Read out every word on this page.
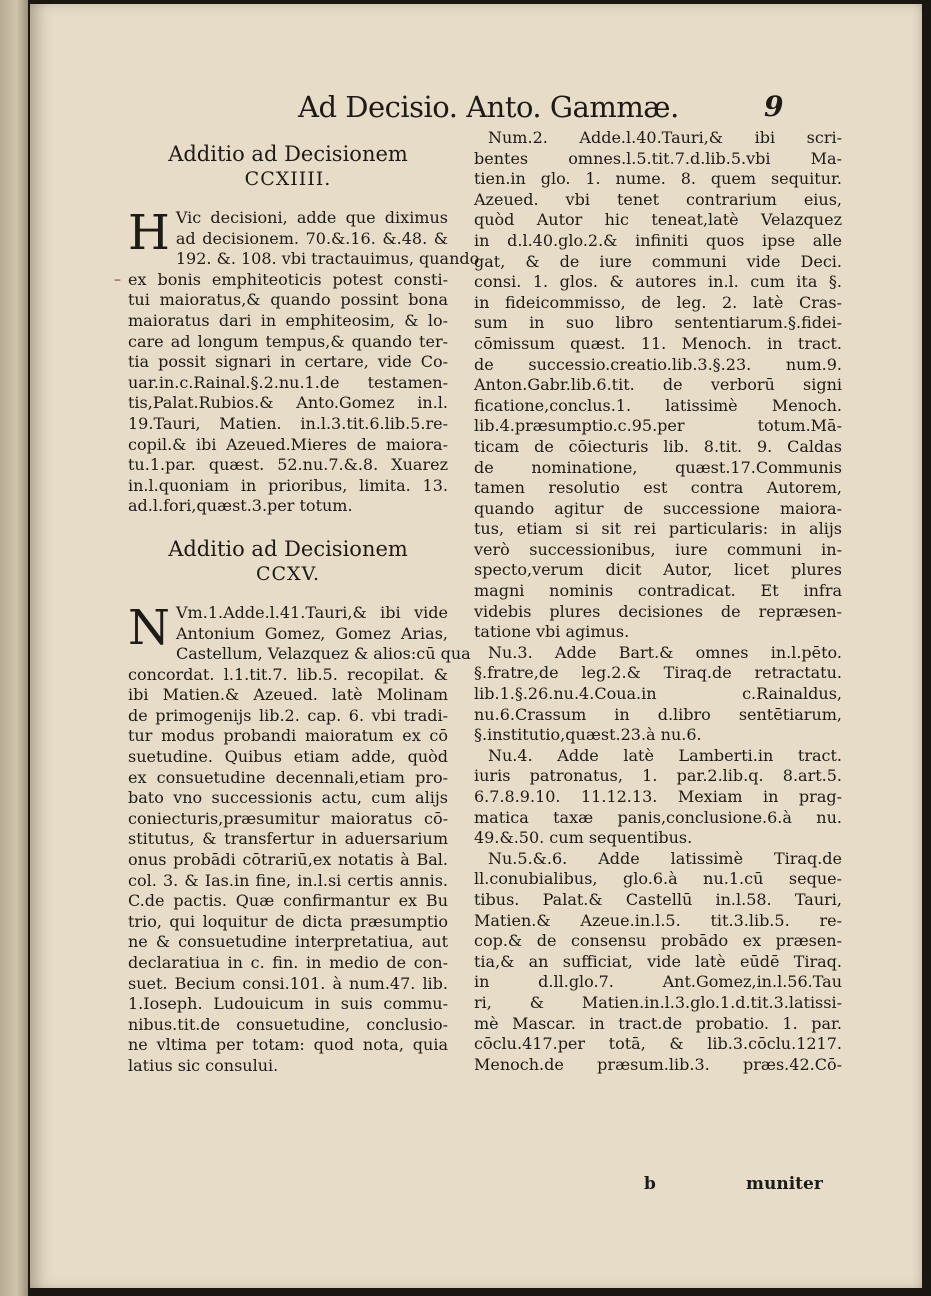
Ad Decisio. Anto. Gammæ.	9
–
Additio ad Decisionem
CCXIIII.
H Vic decisioni, adde que diximus
ad decisionem. 70.&.16. &.48. &
192. &. 108. vbi tractauimus, quando
ex bonis emphiteoticis potest consti-
tui maioratus,& quando possint bona
maioratus dari in emphiteosim, & lo-
care ad longum tempus,& quando ter-
tia possit signari in certare, vide Co-
uar.in.c.Rainal.§.2.nu.1.de testamen-
tis,Palat.Rubios.& Anto.Gomez in.l.
19.Tauri, Matien. in.l.3.tit.6.lib.5.re-
copil.& ibi Azeued.Mieres de maiora-
tu.1.par. quæst. 52.nu.7.&.8. Xuarez
in.l.quoniam in prioribus, limita. 13.
ad.l.fori,quæst.3.per totum.
Additio ad Decisionem
CCXV.
N Vm.1.Adde.l.41.Tauri,& ibi vide
Antonium Gomez, Gomez Arias,
Castellum, Velazquez & alios:cū qua
concordat. l.1.tit.7. lib.5. recopilat. &
ibi Matien.& Azeued. latè Molinam
de primogenijs lib.2. cap. 6. vbi tradi-
tur modus probandi maioratum ex cō
suetudine. Quibus etiam adde, quòd
ex consuetudine decennali,etiam pro-
bato vno successionis actu, cum alijs
coniecturis,præsumitur maioratus cō-
stitutus, & transfertur in aduersarium
onus probādi cōtrariū,ex notatis à Bal.
col. 3. & Ias.in fine, in.l.si certis annis.
C.de pactis. Quæ confirmantur ex Bu
trio, qui loquitur de dicta præsumptio
ne & consuetudine interpretatiua, aut
declaratiua in c. fin. in medio de con-
suet. Becium consi.101. à num.47. lib.
1.Ioseph. Ludouicum in suis commu-
nibus.tit.de consuetudine, conclusio-
ne vltima per totam: quod nota, quia
latius sic consului.
Num.2. Adde.l.40.Tauri,& ibi scri-
bentes omnes.l.5.tit.7.d.lib.5.vbi Ma-
tien.in glo. 1. nume. 8. quem sequitur.
Azeued. vbi tenet contrarium eius,
quòd Autor hic teneat,latè Velazquez
in d.l.40.glo.2.& infiniti quos ipse alle
gat, & de iure communi vide Deci.
consi. 1. glos. & autores in.l. cum ita §.
in fideicommisso, de leg. 2. latè Cras-
sum in suo libro sententiarum.§.fidei-
cōmissum quæst. 11. Menoch. in tract.
de successio.creatio.lib.3.§.23. num.9.
Anton.Gabr.lib.6.tit. de verborū signi
ficatione,conclus.1. latissimè Menoch.
lib.4.præsumptio.c.95.per totum.Mā-
ticam de cōiecturis lib. 8.tit. 9. Caldas
de nominatione, quæst.17.Communis
tamen resolutio est contra Autorem,
quando agitur de successione maiora-
tus, etiam si sit rei particularis: in alijs
verò successionibus, iure communi in-
specto,verum dicit Autor, licet plures
magni nominis contradicat. Et infra
videbis plures decisiones de repræsen-
tatione vbi agimus.
Nu.3. Adde Bart.& omnes in.l.pēto.
§.fratre,de leg.2.& Tiraq.de retractatu.
lib.1.§.26.nu.4.Coua.in c.Rainaldus,
nu.6.Crassum in d.libro sentētiarum,
§.institutio,quæst.23.à nu.6.
Nu.4. Adde latè Lamberti.in tract.
iuris patronatus, 1. par.2.lib.q. 8.art.5.
6.7.8.9.10. 11.12.13. Mexiam in prag-
matica taxæ panis,conclusione.6.à nu.
49.&.50. cum sequentibus.
Nu.5.&.6. Adde latissimè Tiraq.de
ll.conubialibus, glo.6.à nu.1.cū seque-
tibus. Palat.& Castellū in.l.58. Tauri,
Matien.& Azeue.in.l.5. tit.3.lib.5. re-
cop.& de consensu probādo ex præsen-
tia,& an sufficiat, vide latè eūdē Tiraq.
in d.ll.glo.7. Ant.Gomez,in.l.56.Tau
ri, & Matien.in.l.3.glo.1.d.tit.3.latissi-
mè Mascar. in tract.de probatio. 1. par.
cōclu.417.per totā, & lib.3.cōclu.1217.
Menoch.de præsum.lib.3. præs.42.Cō-
b	muniter
